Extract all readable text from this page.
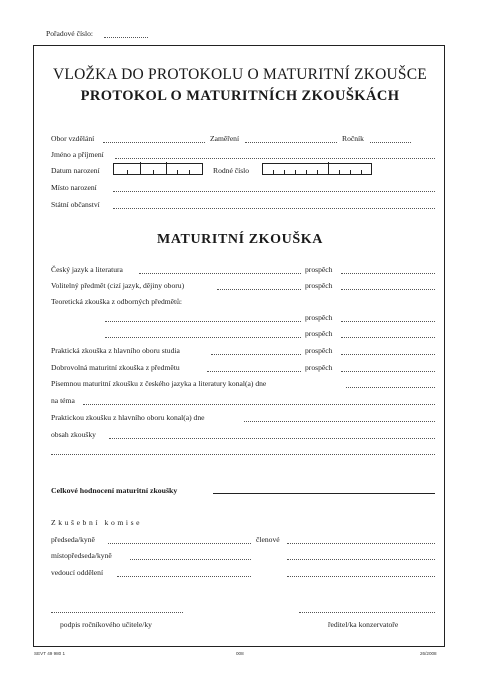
Pořadové číslo:
VLOŽKA DO PROTOKOLU O MATURITNÍ ZKOUŠCE
PROTOKOL O MATURITNÍCH ZKOUŠKÁCH
Obor vzdělání	Zaměření	Ročník
Jméno a příjmení
Datum narození	Rodné číslo
Místo narození
Státní občanství
MATURITNÍ ZKOUŠKA
Český jazyk a literatura	prospěch
Volitelný předmět (cizí jazyk, dějiny oboru)	prospěch
Teoretická zkouška z odborných předmětů:
prospěch
prospěch
Praktická zkouška z hlavního oboru studia	prospěch
Dobrovolná maturitní zkouška z předmětu	prospěch
Písemnou maturitní zkoušku z českého jazyka a literatury konal(a) dne
na téma
Praktickou zkoušku z hlavního oboru konal(a) dne
obsah zkoušky
Celkové hodnocení maturitní zkoušky
Zkušební komise
předseda/kyně	členové
místopředseda/kyně
vedoucí oddělení
podpis ročníkového učitele/ky	ředitel/ka konzervatoře
SEVT 49 980 1	008	26/2008
